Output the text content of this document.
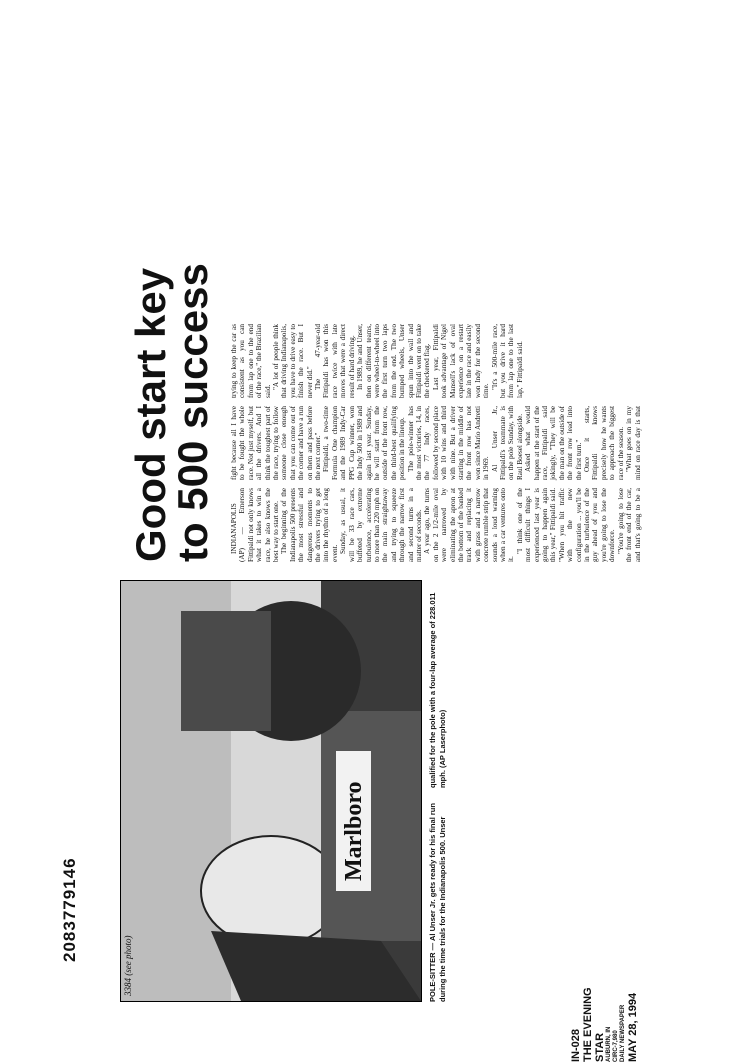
2083779146
IN-028 THE EVENING STAR AUBURN, IN CIRC-7,980 DAILY NEWSPAPER MAY 28, 1994
Marlboro
3384 (see photo)	POLE-SITTER — Al Unser Jr. gets ready for his final run during the time trials for the Indianapolis 500. Unser qualified for the pole with a four-lap average of 228.011 mph. (AP Laserphoto)
Good start key to 500 success INDIANAPOLIS (AP) — Emerson Fittipaldi not only knows what it takes to win a race, he also knows the best way to start one. The beginning of the Indianapolis 500 presents the most stressful and dangerous moments to the drivers trying to get into the rhythm of a long event. Sunday, as usual, it will be 33 race cars, buffeted by extreme turbulence, accelerating to more than 220 mph on the main straightaway and trying to squeeze through the narrow first and second turns in a matter of seconds. A year ago, the turns on the 2 1/2-mile oval were narrowed by eliminating the apron at the bottom of the banked track and replacing it with grass and a narrow concrete rumble strip that sounds a loud warning when a car ventures onto it.

"I think one of the most difficult things I experienced last year is going to happen again this year," Fittipaldi said. "When you hit traffic with the new configuration ... you'll be in the turbulence of the guy ahead of you and you're going to lose the downforce. "You're going to lose the front end of the car, and that's going to be a fight because all I have to be fought the whole race. Not just myself, but all the drivers. And I think the toughest part of the race, trying to follow someone close enough that you can come out of the corner and have a run on them and pass before the next corner." Fittipaldi, a two-time Formula One champion and the 1989 Indy-Car PPG Cup winner, won the Indy 500 in 1989 and again last year. Sunday, he will start from the outside of the front row, the third-best qualifying position in the lineup. The pole-winner has the most victories, 14, in the 77 Indy races, followed by second place with 10 wins and third with nine. But a driver starting in the middle of the front row has not won since Mario Andretti in 1969. Al Unser Jr., Fittipaldi's teammate is on the pole Sunday, with Raul Boesel alongside. Asked what would happen at the start of the race, Fittipaldi said jokingly, "They will be the man on the outside of the front row lead into the first turn." Once it starts, Fittipaldi knows precisely how he wants to approach the biggest race of the season. "What goes on in my mind on race day is that trying to keep the car as consistent as you can from lap one to the end of the race," the Brazilian said.

"A lot of people think that driving Indianapolis, you have to drive easy to finish the race. But I never did." The 47-year-old Fittipaldi has won this race twice with late moves that were a direct result of hard driving. In 1989, he and Unser, then on different teams, were wheel-to-wheel into the first turn two laps from the end. The two bumped wheels, Unser spun into the wall and Fittipaldi went on to take the checkered flag. Last year, Fittipaldi took advantage of Nigel Mansell's lack of oval experience on a restart late in the race and easily won Indy for the second time.

"It's a 500-mile race, but you drive it hard from lap one to the last lap," Fittipaldi said.
